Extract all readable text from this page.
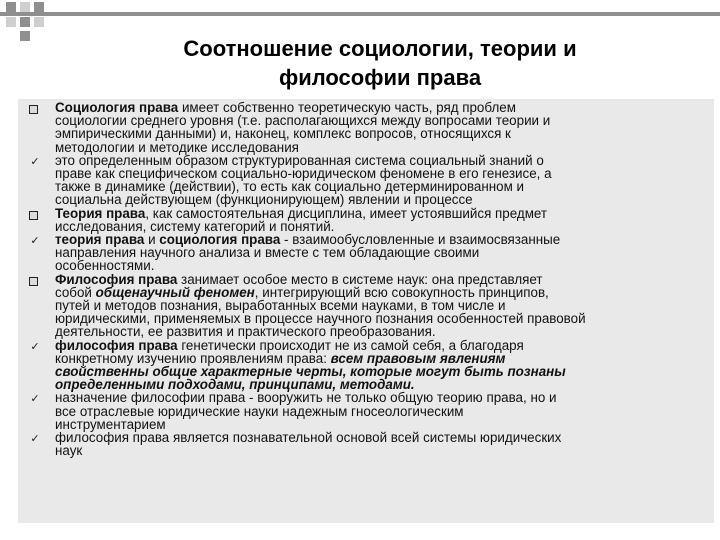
Соотношение социологии, теории и
философии права
Социология права имеет собственно теоретическую часть, ряд проблем
социологии среднего уровня (т.е. располагающихся между вопросами теории и
эмпирическими данными) и, наконец, комплекс вопросов, относящихся к
методологии и методике исследования
✓ это определенным образом структурированная система социальный знаний о
праве как специфическом социально-юридическом феномене в его генезисе, а
также в динамике (действии), то есть как социально детерминированном и
социальна действующем (функционирующем) явлении и процессе
Теория права, как самостоятельная дисциплина, имеет устоявшийся предмет
исследования, систему категорий и понятий.
✓ теория права и социология права - взаимообусловленные и взаимосвязанные
направления научного анализа и вместе с тем обладающие своими
особенностями.
Философия права занимает особое место в системе наук: она представляет
собой общенаучный феномен, интегрирующий всю совокупность принципов,
путей и методов познания, выработанных всеми науками, в том числе и
юридическими, применяемых в процессе научного познания особенностей правовой
деятельности, ее развития и практического преобразования.
✓ философия права генетически происходит не из самой себя, а благодаря
конкретному изучению проявлениям права: всем правовым явлениям
свойственны общие характерные черты, которые могут быть познаны
определенными подходами, принципами, методами.
✓ назначение философии права - вооружить не только общую теорию права, но и
все отраслевые юридические науки надежным гносеологическим
инструментарием
✓ философия права является познавательной основой всей системы юридических
наук
